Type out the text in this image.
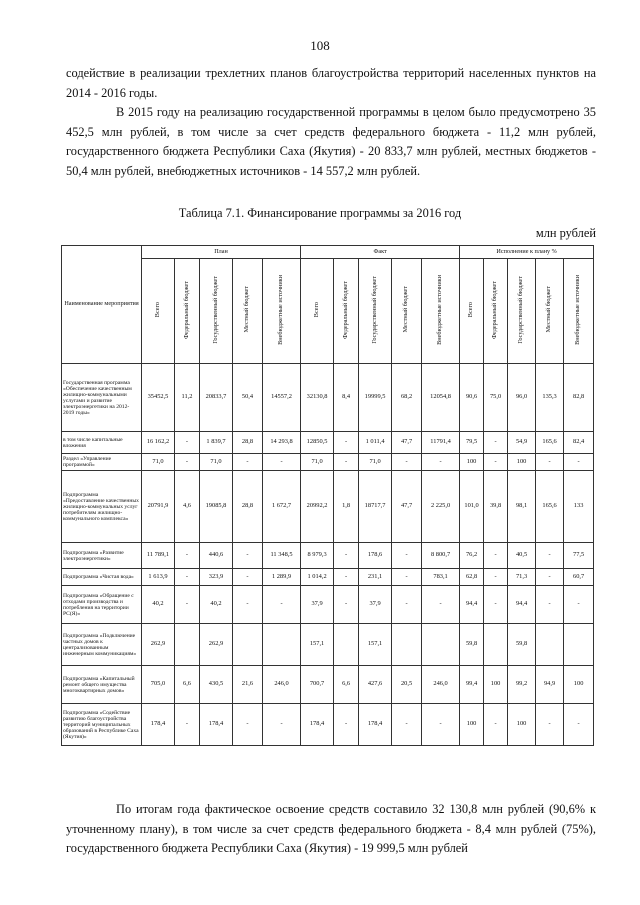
108

содействие в реализации трехлетних планов благоустройства территорий населенных пунктов на 2014 - 2016 годы.

В 2015 году на реализацию государственной программы в целом было предусмотрено 35 452,5 млн рублей, в том числе за счет средств федерального бюджета - 11,2 млн рублей, государственного бюджета Республики Саха (Якутия) - 20 833,7 млн рублей, местных бюджетов - 50,4 млн рублей, внебюджетных источников - 14 557,2 млн рублей.

Таблица 7.1. Финансирование программы за 2016 год
млн рублей
Наименование мероприятия	План					Факт					Исполнение к плану %				
	Всего	Федеральный бюджет	Государственный бюджет	Местный бюджет	Внебюджетные источники	Всего	Федеральный бюджет	Государственный бюджет	Местный бюджет	Внебюджетные источники	Всего	Федеральный бюджет	Государственный бюджет	Местный бюджет	Внебюджетные источники
Государственная программа «Обеспечение качественным жилищно-коммунальными услугами и развитие электроэнергетики на 2012-2019 годы»	35452,5	11,2	20833,7	50,4	14557,2	32130,8	8,4	19999,5	68,2	12054,8	90,6	75,0	96,0	135,3	82,8
в том числе капитальные вложения	16 162,2	-	1 839,7	28,8	14 293,8	12850,5	-	1 011,4	47,7	11791,4	79,5	-	54,9	165,6	82,4
Раздел «Управление программой»	71,0	-	71,0	-	-	71,0	-	71,0	-	-	100	-	100	-	-
Подпрограмма «Предоставление качественных жилищно-коммунальных услуг потребителям жилищно-коммунального комплекса»	20791,9	4,6	19085,8	28,8	1 672,7	20992,2	1,8	18717,7	47,7	2 225,0	101,0	39,8	98,1	165,6	133
Подпрограмма «Развитие электроэнергетики»	11 789,1	-	440,6	-	11 348,5	8 979,3	-	178,6	-	8 800,7	76,2	-	40,5	-	77,5
Подпрограмма «Чистая вода»	1 613,9	-	323,9	-	1 289,9	1 014,2	-	231,1	-	783,1	62,8	-	71,3	-	60,7
Подпрограмма «Обращение с отходами производства и потребления на территории РС(Я)»	40,2	-	40,2	-	-	37,9	-	37,9	-	-	94,4	-	94,4	-	-
Подпрограмма «Подключение частных домов к централизованным инженерным коммуникациям»	262,9		262,9			157,1		157,1			59,8		59,8		
Подпрограмма «Капитальный ремонт общего имущества многоквартирных домов»	705,0	6,6	430,5	21,6	246,0	700,7	6,6	427,6	20,5	246,0	99,4	100	99,2	94,9	100
Подпрограмма «Содействие развитию благоустройства территорий муниципальных образований в Республике Саха (Якутия)»	178,4	-	178,4	-	-	178,4	-	178,4	-	-	100	-	100	-	-

По итогам года фактическое освоение средств составило 32 130,8 млн рублей (90,6% к уточненному плану), в том числе за счет средств федерального бюджета - 8,4 млн рублей (75%), государственного бюджета Республики Саха (Якутия) - 19 999,5 млн рублей
